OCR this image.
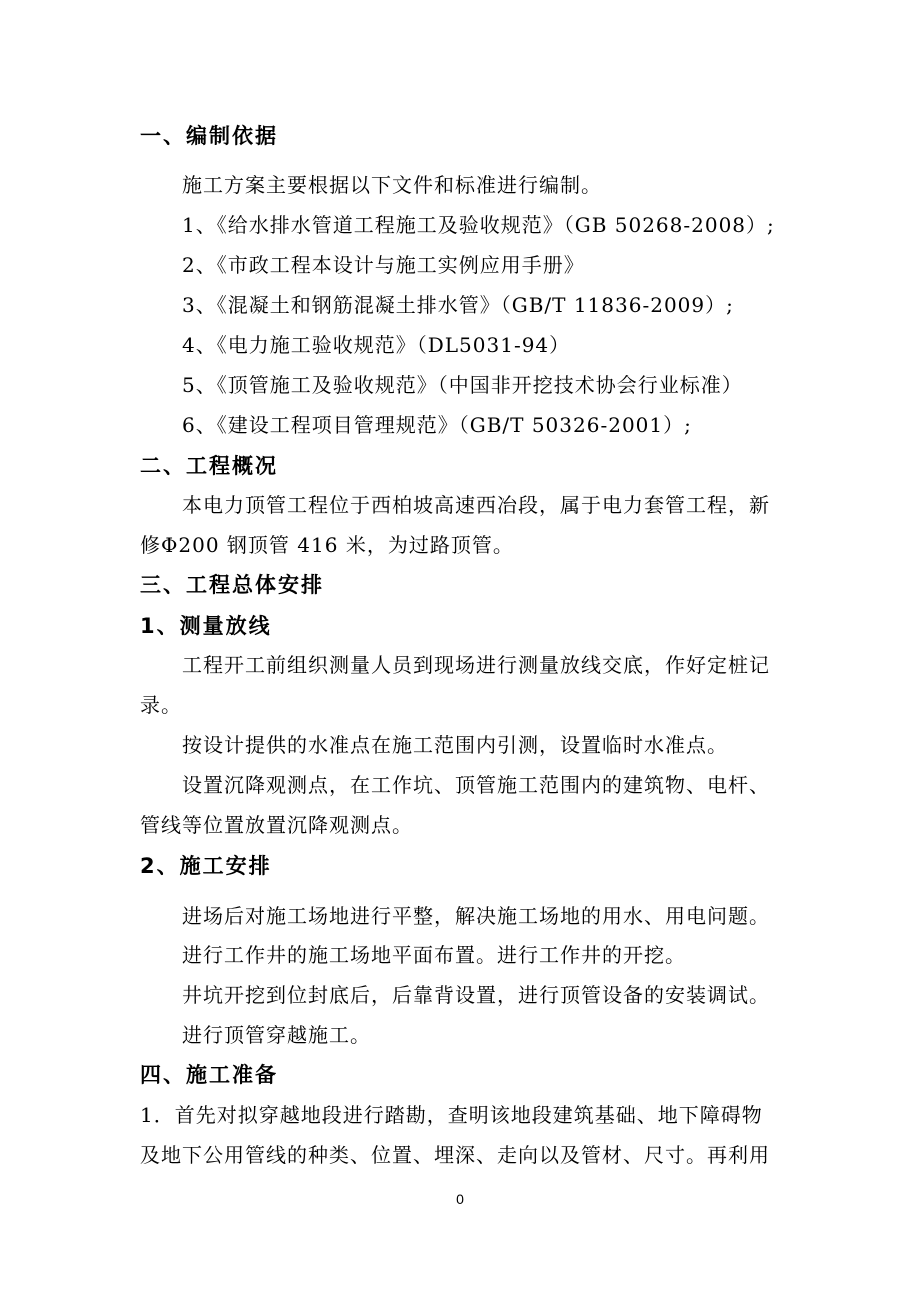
一、编制依据
施工方案主要根据以下文件和标准进行编制。
1、《给水排水管道工程施工及验收规范》（GB 50268-2008）;
2、《市政工程本设计与施工实例应用手册》
3、《混凝土和钢筋混凝土排水管》（GB/T 11836-2009）;
4、《电力施工验收规范》（DL5031-94）
5、《顶管施工及验收规范》（中国非开挖技术协会行业标准）
6、《建设工程项目管理规范》（GB/T 50326-2001）;
二、工程概况
本电力顶管工程位于西柏坡高速西冶段，属于电力套管工程，新
修Φ200 钢顶管 416 米，为过路顶管。
三、工程总体安排
1、测量放线
工程开工前组织测量人员到现场进行测量放线交底，作好定桩记
录。
按设计提供的水准点在施工范围内引测，设置临时水准点。
设置沉降观测点，在工作坑、顶管施工范围内的建筑物、电杆、
管线等位置放置沉降观测点。
2、施工安排
进场后对施工场地进行平整，解决施工场地的用水、用电问题。
进行工作井的施工场地平面布置。进行工作井的开挖。
井坑开挖到位封底后，后靠背设置，进行顶管设备的安装调试。
进行顶管穿越施工。
四、施工准备
1．首先对拟穿越地段进行踏勘，查明该地段建筑基础、地下障碍物
及地下公用管线的种类、位置、埋深、走向以及管材、尺寸。再利用
0
